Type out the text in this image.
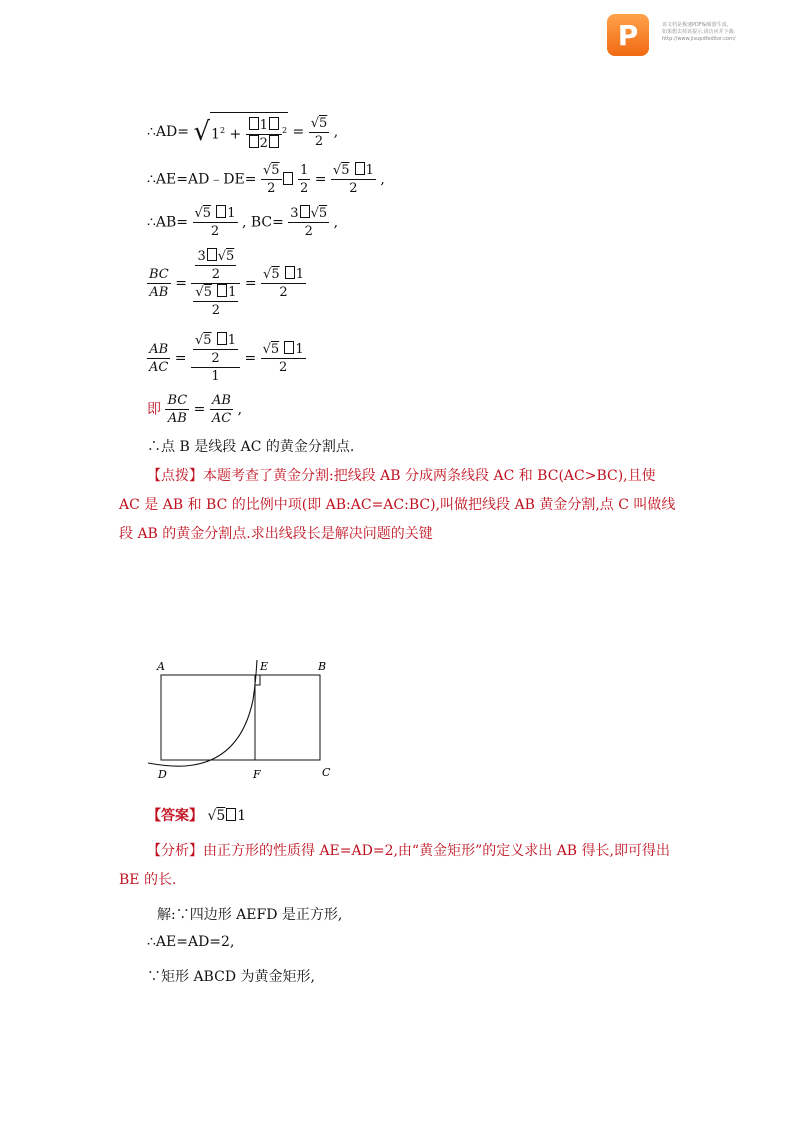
P	该文档是极速PDF编辑器生成,
如果想去掉该提示,请访问并下载:
http://www.jisupdfeditor.com/
∴AD= $√1^2 + \frac{1}{2} ^2 = \frac{√5}{2}$ ,
∴AE=AD﹣DE= $\frac{√5}{2}$
$\frac{1}{2} = \frac{√5 1}{2}$ ,
∴AB= $\frac{√5 1}{2}$ , $BC= \frac{3 √5}{2}$ ,
$\frac{BC}{AB} = \frac{\frac{3 √5}{2}}{\frac{√5 1}{2}} = \frac{√5 1}{2}$
$\frac{AB}{AC} = \frac{\frac{√5 1}{2}}{1} = \frac{√5 1}{2}$
即 $\frac{BC}{AB} = \frac{AB}{AC}$ ,
∴点 B 是线段 AC 的黄金分割点.
【点拨】本题考查了黄金分割:把线段 AB 分成两条线段 AC 和 BC(AC>BC),且使 AC 是 AB 和 BC 的比例中项(即 AB:AC=AC:BC),叫做把线段 AB 黄金分割,点 C 叫做线段 AB 的黄金分割点.求出线段长是解决问题的关键
A	E	B
D	F	C
【答案】 √5 1
【分析】由正方形的性质得 AE=AD=2,由“黄金矩形”的定义求出 AB 得长,即可得出 BE 的长.
解:∵四边形 AEFD 是正方形,
∴AE=AD=2,
∵矩形 ABCD 为黄金矩形,
